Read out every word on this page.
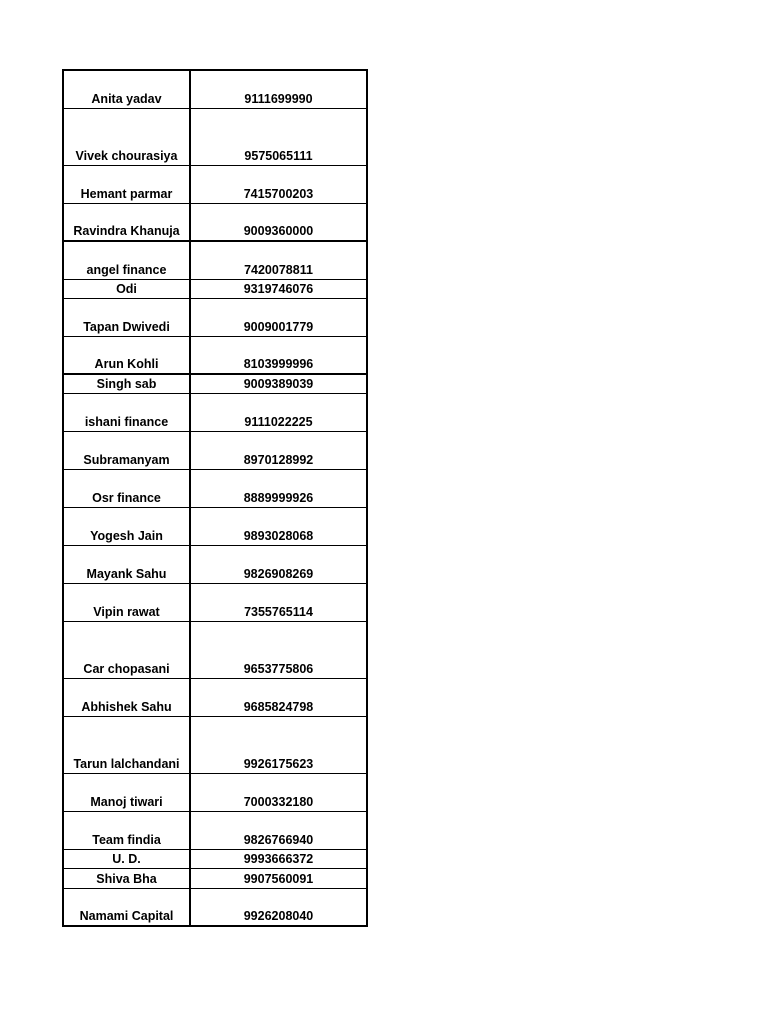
Anita yadav	9111699990
Vivek chourasiya	9575065111
Hemant parmar	7415700203
Ravindra Khanuja	9009360000
angel finance	7420078811
Odi	9319746076
Tapan Dwivedi	9009001779
Arun Kohli	8103999996
Singh sab	9009389039
ishani finance	9111022225
Subramanyam	8970128992
Osr finance	8889999926
Yogesh Jain	9893028068
Mayank Sahu	9826908269
Vipin rawat	7355765114
Car chopasani	9653775806
Abhishek Sahu	9685824798
Tarun lalchandani	9926175623
Manoj tiwari	7000332180
Team findia	9826766940
U. D.	9993666372
Shiva Bha	9907560091
Namami Capital	9926208040
